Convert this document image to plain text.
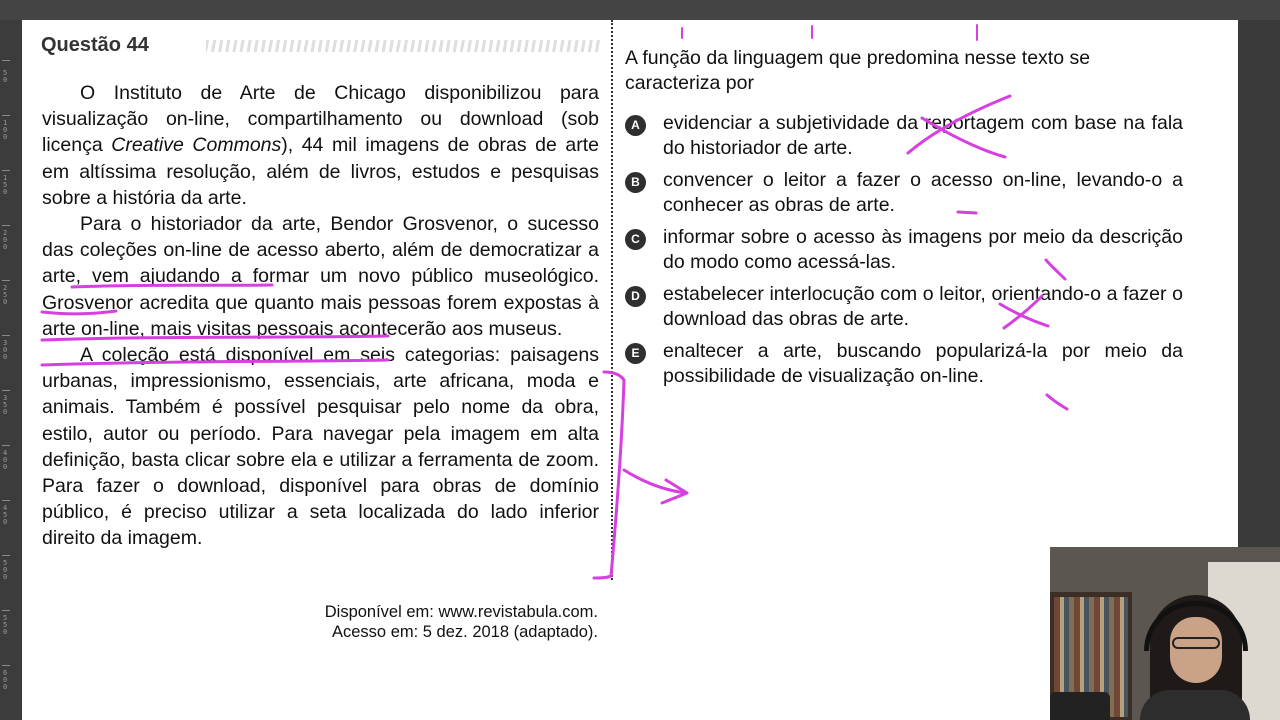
5
0
1
0
0
1
5
0
2
0
0
2
5
0
3
0
0
3
5
0
4
0
0
4
5
0
5
0
0
5
5
0
6
0
0
Questão 44

O Instituto de Arte de Chicago disponibilizou para visualização on-line, compartilhamento ou download (sob licença Creative Commons), 44 mil imagens de obras de arte em altíssima resolução, além de livros, estudos e pesquisas sobre a história da arte.

Para o historiador da arte, Bendor Grosvenor, o sucesso das coleções on-line de acesso aberto, além de democratizar a arte, vem ajudando a formar um novo público museológico. Grosvenor acredita que quanto mais pessoas forem expostas à arte on-line, mais visitas pessoais acontecerão aos museus.

A coleção está disponível em seis categorias: paisagens urbanas, impressionismo, essenciais, arte africana, moda e animais. Também é possível pesquisar pelo nome da obra, estilo, autor ou período. Para navegar pela imagem em alta definição, basta clicar sobre ela e utilizar a ferramenta de zoom. Para fazer o download, disponível para obras de domínio público, é preciso utilizar a seta localizada do lado inferior direito da imagem.

Disponível em: www.revistabula.com.
Acesso em: 5 dez. 2018 (adaptado).
A função da linguagem que predomina nesse texto se caracteriza por
A	evidenciar a subjetividade da reportagem com base na fala do historiador de arte.
B	convencer o leitor a fazer o acesso on-line, levando-o a conhecer as obras de arte.
C	informar sobre o acesso às imagens por meio da descrição do modo como acessá-las.
D	estabelecer interlocução com o leitor, orientando-o a fazer o download das obras de arte.
E	enaltecer a arte, buscando popularizá-la por meio da possibilidade de visualização on-line.
